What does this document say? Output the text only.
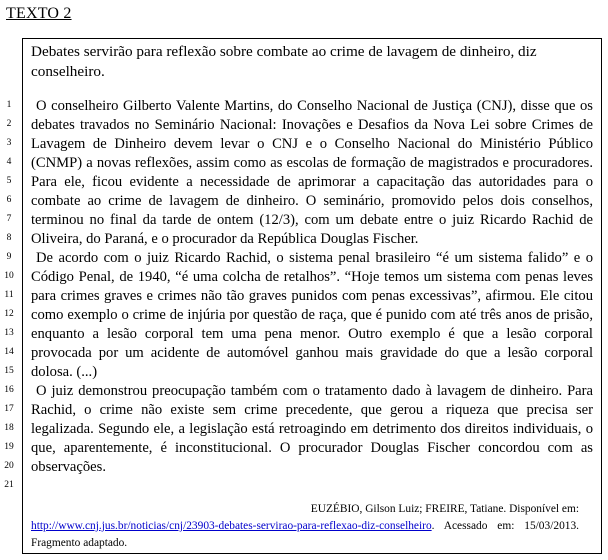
TEXTO 2
Debates servirão para reflexão sobre combate ao crime de lavagem de dinheiro, diz conselheiro.

O conselheiro Gilberto Valente Martins, do Conselho Nacional de Justiça (CNJ), disse que os debates travados no Seminário Nacional: Inovações e Desafios da Nova Lei sobre Crimes de Lavagem de Dinheiro devem levar o CNJ e o Conselho Nacional do Ministério Público (CNMP) a novas reflexões, assim como as escolas de formação de magistrados e procuradores. Para ele, ficou evidente a necessidade de aprimorar a capacitação das autoridades para o combate ao crime de lavagem de dinheiro. O seminário, promovido pelos dois conselhos, terminou no final da tarde de ontem (12/3), com um debate entre o juiz Ricardo Rachid de Oliveira, do Paraná, e o procurador da República Douglas Fischer.

De acordo com o juiz Ricardo Rachid, o sistema penal brasileiro “é um sistema falido” e o Código Penal, de 1940, “é uma colcha de retalhos”. “Hoje temos um sistema com penas leves para crimes graves e crimes não tão graves punidos com penas excessivas”, afirmou. Ele citou como exemplo o crime de injúria por questão de raça, que é punido com até três anos de prisão, enquanto a lesão corporal tem uma pena menor. Outro exemplo é que a lesão corporal provocada por um acidente de automóvel ganhou mais gravidade do que a lesão corporal dolosa. (...)

O juiz demonstrou preocupação também com o tratamento dado à lavagem de dinheiro. Para Rachid, o crime não existe sem crime precedente, que gerou a riqueza que precisa ser legalizada. Segundo ele, a legislação está retroagindo em detrimento dos direitos individuais, o que, aparentemente, é inconstitucional. O procurador Douglas Fischer concordou com as observações.

EUZÉBIO, Gilson Luiz; FREIRE, Tatiane. Disponível em:
http://www.cnj.jus.br/noticias/cnj/23903-debates-servirao-para-reflexao-diz-conselheiro. Acessado em: 15/03/2013. Fragmento adaptado.
1
2
3
4
5
6
7
8
9
10
11
12
13
14
15
16
17
18
19
20
21
